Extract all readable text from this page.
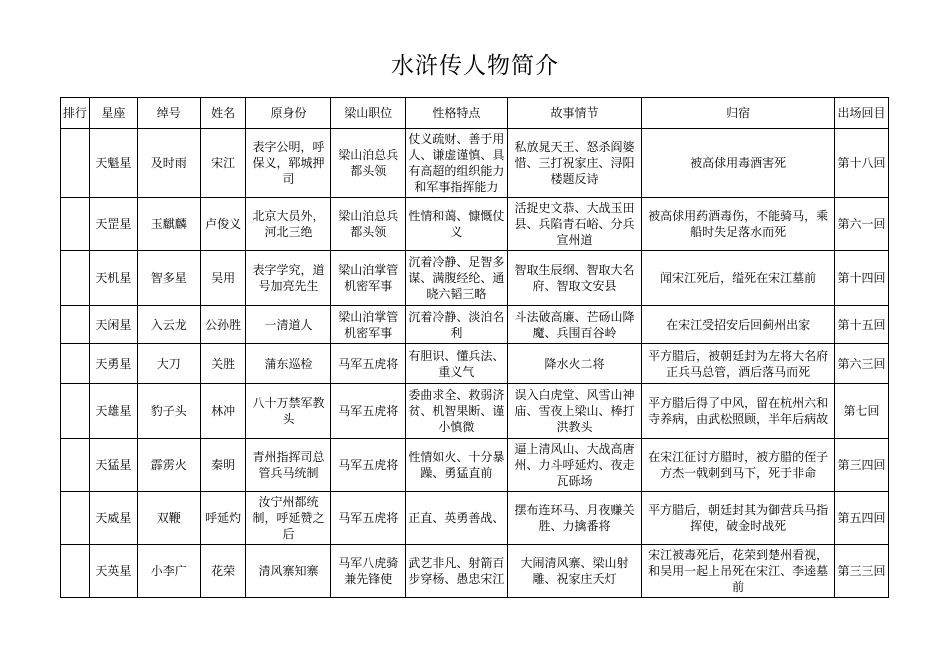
水浒传人物简介
排行	星座	绰号	姓名	原身份	梁山职位	性格特点	故事情节	归宿	出场回目
	天魁星	及时雨	宋江	表字公明，呼保义，郓城押司	梁山泊总兵都头领	仗义疏财、善于用人、谦虚谨慎、具有高超的组织能力和军事指挥能力	私放晁天王、怒杀阎婆惜、三打祝家庄、浔阳楼题反诗	被高俅用毒酒害死	第十八回
	天罡星	玉麒麟	卢俊义	北京大员外，河北三绝	梁山泊总兵都头领	性情和蔼、慷慨仗义	活捉史文恭、大战玉田县、兵陷青石峪、分兵宣州道	被高俅用药酒毒伤，不能骑马，乘船时失足落水而死	第六一回
	天机星	智多星	吴用	表字学究，道号加亮先生	梁山泊掌管机密军事	沉着冷静、足智多谋、满腹经纶、通晓六韬三略	智取生辰纲、智取大名府、智取文安县	闻宋江死后，缢死在宋江墓前	第十四回
	天闲星	入云龙	公孙胜	一清道人	梁山泊掌管机密军事	沉着冷静、淡泊名利	斗法破高廉、芒砀山降魔、兵围百谷岭	在宋江受招安后回蓟州出家	第十五回
	天勇星	大刀	关胜	蒲东巡检	马军五虎将	有胆识、懂兵法、重义气	降水火二将	平方腊后，被朝廷封为左将大名府正兵马总管，酒后落马而死	第六三回
	天雄星	豹子头	林冲	八十万禁军教头	马军五虎将	委曲求全、救弱济贫、机智果断、谨小慎微	误入白虎堂、风雪山神庙、雪夜上梁山、棒打洪教头	平方腊后得了中风，留在杭州六和寺养病，由武松照顾，半年后病故	第七回
	天猛星	霹雳火	秦明	青州指挥司总管兵马统制	马军五虎将	性情如火、十分暴躁、勇猛直前	逼上清风山、大战高唐州、力斗呼延灼、夜走瓦砾场	在宋江征讨方腊时，被方腊的侄子方杰一戟刺到马下，死于非命	第三四回
	天威星	双鞭	呼延灼	汝宁州都统制，呼延赞之后	马军五虎将	正直、英勇善战、	摆布连环马、月夜赚关胜、力擒番将	平方腊后，朝廷封其为御营兵马指挥使，破金时战死	第五四回
	天英星	小李广	花荣	清风寨知寨	马军八虎骑兼先锋使	武艺非凡、射箭百步穿杨、愚忠宋江	大闹清风寨、梁山射雕、祝家庄夭灯	宋江被毒死后，花荣到楚州看视，和吴用一起上吊死在宋江、李逵墓前	第三三回
